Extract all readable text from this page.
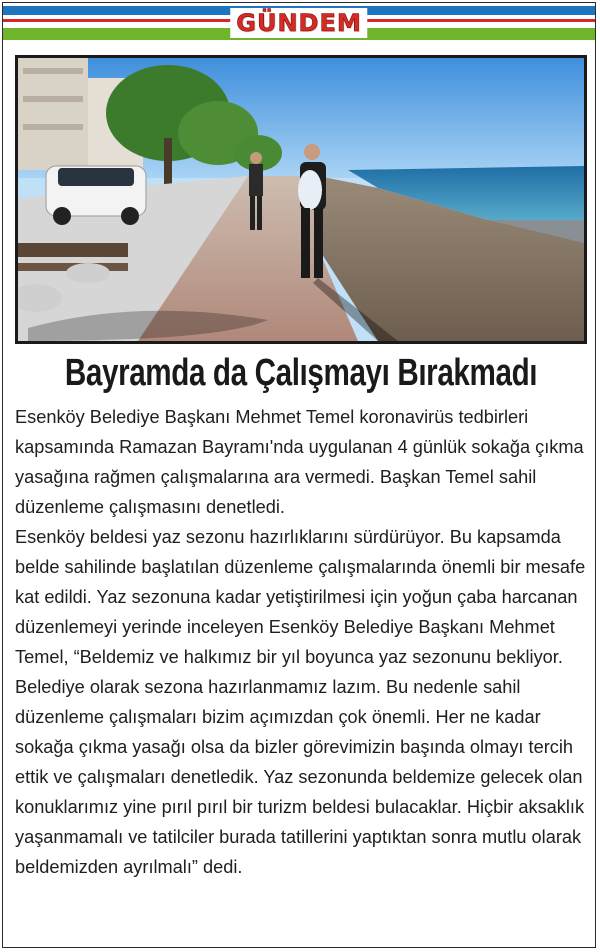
GÜNDEM
Bayramda da Çalışmayı Bırakmadı

Esenköy Belediye Başkanı Mehmet Temel koronavirüs tedbirleri kapsamında Ramazan Bayramı'nda uygulanan 4 günlük sokağa çıkma yasağına rağmen çalışmalarına ara vermedi. Başkan Temel sahil düzenleme çalışmasını denetledi.

Esenköy beldesi yaz sezonu hazırlıklarını sürdürüyor. Bu kapsamda belde sahilinde başlatılan düzenleme çalışmalarında önemli bir mesafe kat edildi. Yaz sezonuna kadar yetiştirilmesi için yoğun çaba harcanan düzenlemeyi yerinde inceleyen Esenköy Belediye Başkanı Mehmet Temel, “Beldemiz ve halkımız bir yıl boyunca yaz sezonunu bekliyor. Belediye olarak sezona hazırlanmamız lazım. Bu nedenle sahil düzenleme çalışmaları bizim açımızdan çok önemli. Her ne kadar sokağa çıkma yasağı olsa da bizler görevimizin başında olmayı tercih ettik ve çalışmaları denetledik. Yaz sezonunda beldemize gelecek olan konuklarımız yine pırıl pırıl bir turizm beldesi bulacaklar. Hiçbir aksaklık yaşanmamalı ve tatilciler burada tatillerini yaptıktan sonra mutlu olarak beldemizden ayrılmalı” dedi.
